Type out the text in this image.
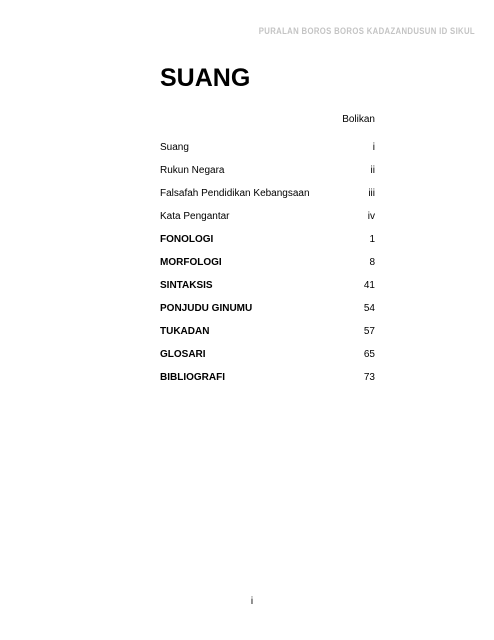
PURALAN BOROS BOROS KADAZANDUSUN ID SIKUL
SUANG
Bolikan
Suang	i
Rukun Negara	ii
Falsafah Pendidikan Kebangsaan	iii
Kata Pengantar	iv
FONOLOGI	1
MORFOLOGI	8
SINTAKSIS	41
PONJUDU GINUMU	54
TUKADAN	57
GLOSARI	65
BIBLIOGRAFI	73
i
